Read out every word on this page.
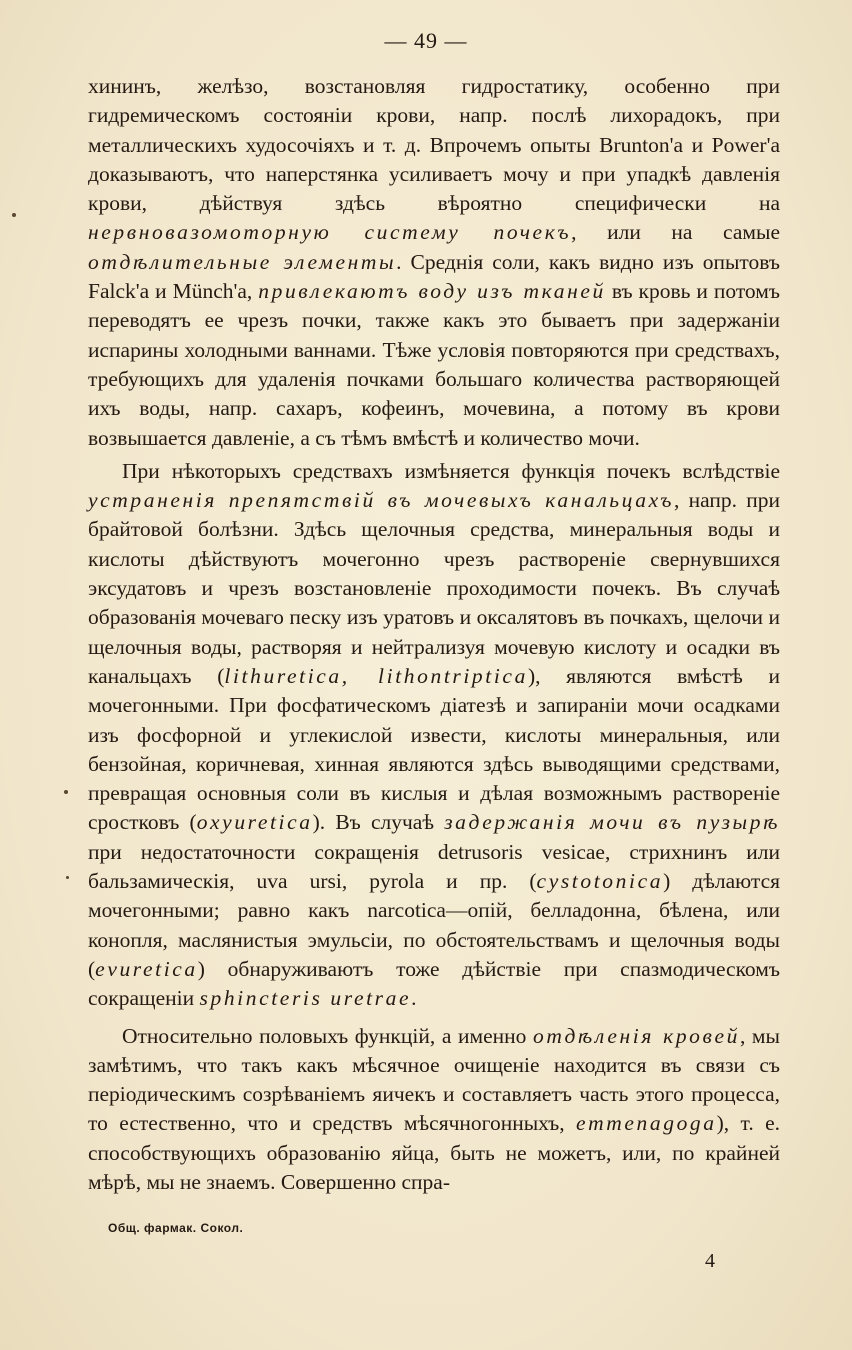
— 49 —

хининъ, желѣзо, возстановляя гидростатику, особенно при гидремическомъ состояніи крови, напр. послѣ лихорадокъ, при металлическихъ худосочіяхъ и т. д. Впрочемъ опыты Brunton'а и Power'а доказываютъ, что наперстянка усиливаетъ мочу и при упадкѣ давленія крови, дѣйствуя здѣсь вѣроятно специфически на нервновазомоторную систему почекъ, или на самые отдѣлительные элементы. Среднія соли, какъ видно изъ опытовъ Falck'а и Münch'а, привлекаютъ воду изъ тканей въ кровь и потомъ переводятъ ее чрезъ почки, также какъ это бываетъ при задержаніи испарины холодными ваннами. Тѣже условія повторяются при средствахъ, требующихъ для удаленія почками большаго количества растворяющей ихъ воды, напр. сахаръ, кофеинъ, мочевина, а потому въ крови возвышается давленіе, а съ тѣмъ вмѣстѣ и количество мочи.

При нѣкоторыхъ средствахъ измѣняется функція почекъ вслѣдствіе устраненія препятствій въ мочевыхъ канальцахъ, напр. при брайтовой болѣзни. Здѣсь щелочныя средства, минеральныя воды и кислоты дѣйствуютъ мочегонно чрезъ раствореніе свернувшихся эксудатовъ и чрезъ возстановленіе проходимости почекъ. Въ случаѣ образованія мочеваго песку изъ уратовъ и оксалятовъ въ почкахъ, щелочи и щелочныя воды, растворяя и нейтрализуя мочевую кислоту и осадки въ канальцахъ (lithuretica, lithontriptica), являются вмѣстѣ и мочегонными. При фосфатическомъ діатезѣ и запираніи мочи осадками изъ фосфорной и углекислой извести, кислоты минеральныя, или бензойная, коричневая, хинная являются здѣсь выводящими средствами, превращая основныя соли въ кислыя и дѣлая возможнымъ раствореніе сростковъ (oxyuretica). Въ случаѣ задержанія мочи въ пузырѣ при недостаточности сокращенія detrusoris vesicae, стрихнинъ или бальзамическія, uva ursi, pyrola и пр. (cystotonica) дѣлаются мочегонными; равно какъ narcotica—опій, белладонна, бѣлена, или конопля, маслянистыя эмульсіи, по обстоятельствамъ и щелочныя воды (evuretica) обнаруживаютъ тоже дѣйствіе при спазмодическомъ сокращеніи sphincteris uretrae.

Относительно половыхъ функцій, а именно отдѣленія кровей, мы замѣтимъ, что такъ какъ мѣсячное очищеніе находится въ связи съ періодическимъ созрѣваніемъ яичекъ и составляетъ часть этого процесса, то естественно, что и средствъ мѣсячногонныхъ, emmenagoga), т. е. способствующихъ образованію яйца, быть не можетъ, или, по крайней мѣрѣ, мы не знаемъ. Совершенно спра-

Общ. фармак. Сокол.
4
